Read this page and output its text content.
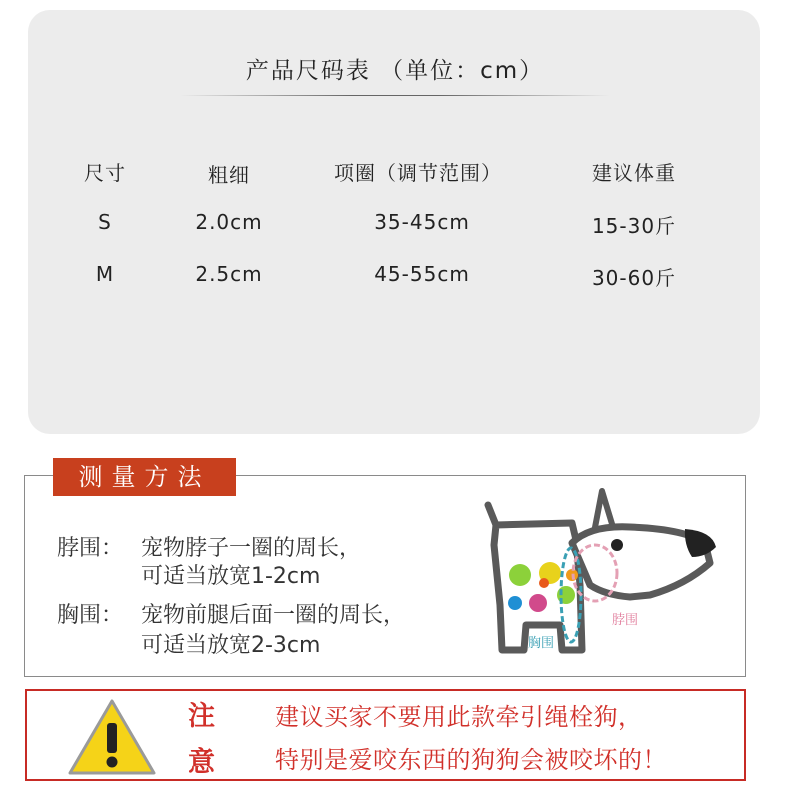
产品尺码表 （单位：cm）
尺寸	粗细	项圈（调节范围）	建议体重
S	2.0cm	35-45cm	15-30斤
M	2.5cm	45-55cm	30-60斤
测量方法
脖围： 宠物脖子一圈的周长，
可适当放宽1-2cm
胸围： 宠物前腿后面一圈的周长，
可适当放宽2-3cm
脖围
胸围
注
意
建议买家不要用此款牵引绳栓狗，
特别是爱咬东西的狗狗会被咬坏的！
